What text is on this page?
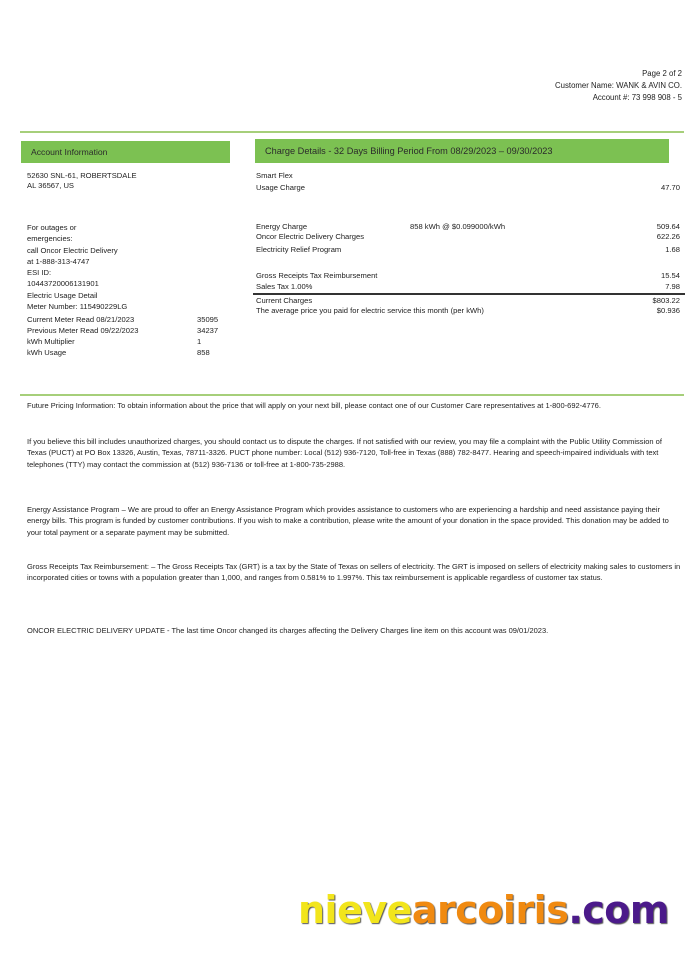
Page 2 of 2
Customer Name: WANK & AVIN CO.
Account #: 73 998 908 - 5
Account Information
52630 SNL-61, ROBERTSDALE
AL 36567, US
For outages or
emergencies:
call Oncor Electric Delivery
at 1-888-313-4747
ESI ID:
10443720006131901
Electric Usage Detail
Meter Number: 115490229LG
Current Meter Read 08/21/2023	35095
Previous Meter Read 09/22/2023	34237
kWh Multiplier	1
kWh Usage	858
Charge Details - 32 Days Billing Period From 08/29/2023 – 09/30/2023
Smart Flex
Usage Charge	47.70
Energy Charge	858 kWh @ $0.099000/kWh	509.64
Oncor Electric Delivery Charges	622.26
Electricity Relief Program	1.68
Gross Receipts Tax Reimbursement	15.54
Sales Tax 1.00%	7.98
Current Charges	$803.22
The average price you paid for electric service this month (per kWh)	$0.936
Future Pricing Information: To obtain information about the price that will apply on your next bill, please contact one of our Customer Care representatives at 1-800-692-4776.
If you believe this bill includes unauthorized charges, you should contact us to dispute the charges. If not satisfied with our review, you may file a complaint with the Public Utility Commission of Texas (PUCT) at PO Box 13326, Austin, Texas, 78711-3326. PUCT phone number: Local (512) 936-7120, Toll-free in Texas (888) 782-8477. Hearing and speech-impaired individuals with text telephones (TTY) may contact the commission at (512) 936-7136 or toll-free at 1-800-735-2988.
Energy Assistance Program – We are proud to offer an Energy Assistance Program which provides assistance to customers who are experiencing a hardship and need assistance paying their energy bills. This program is funded by customer contributions. If you wish to make a contribution, please write the amount of your donation in the space provided. This donation may be added to your total payment or a separate payment may be submitted.
Gross Receipts Tax Reimbursement: – The Gross Receipts Tax (GRT) is a tax by the State of Texas on sellers of electricity. The GRT is imposed on sellers of electricity making sales to customers in incorporated cities or towns with a population greater than 1,000, and ranges from 0.581% to 1.997%. This tax reimbursement is applicable regardless of customer tax status.
ONCOR ELECTRIC DELIVERY UPDATE - The last time Oncor changed its charges affecting the Delivery Charges line item on this account was 09/01/2023.
nievearcoiris.com
